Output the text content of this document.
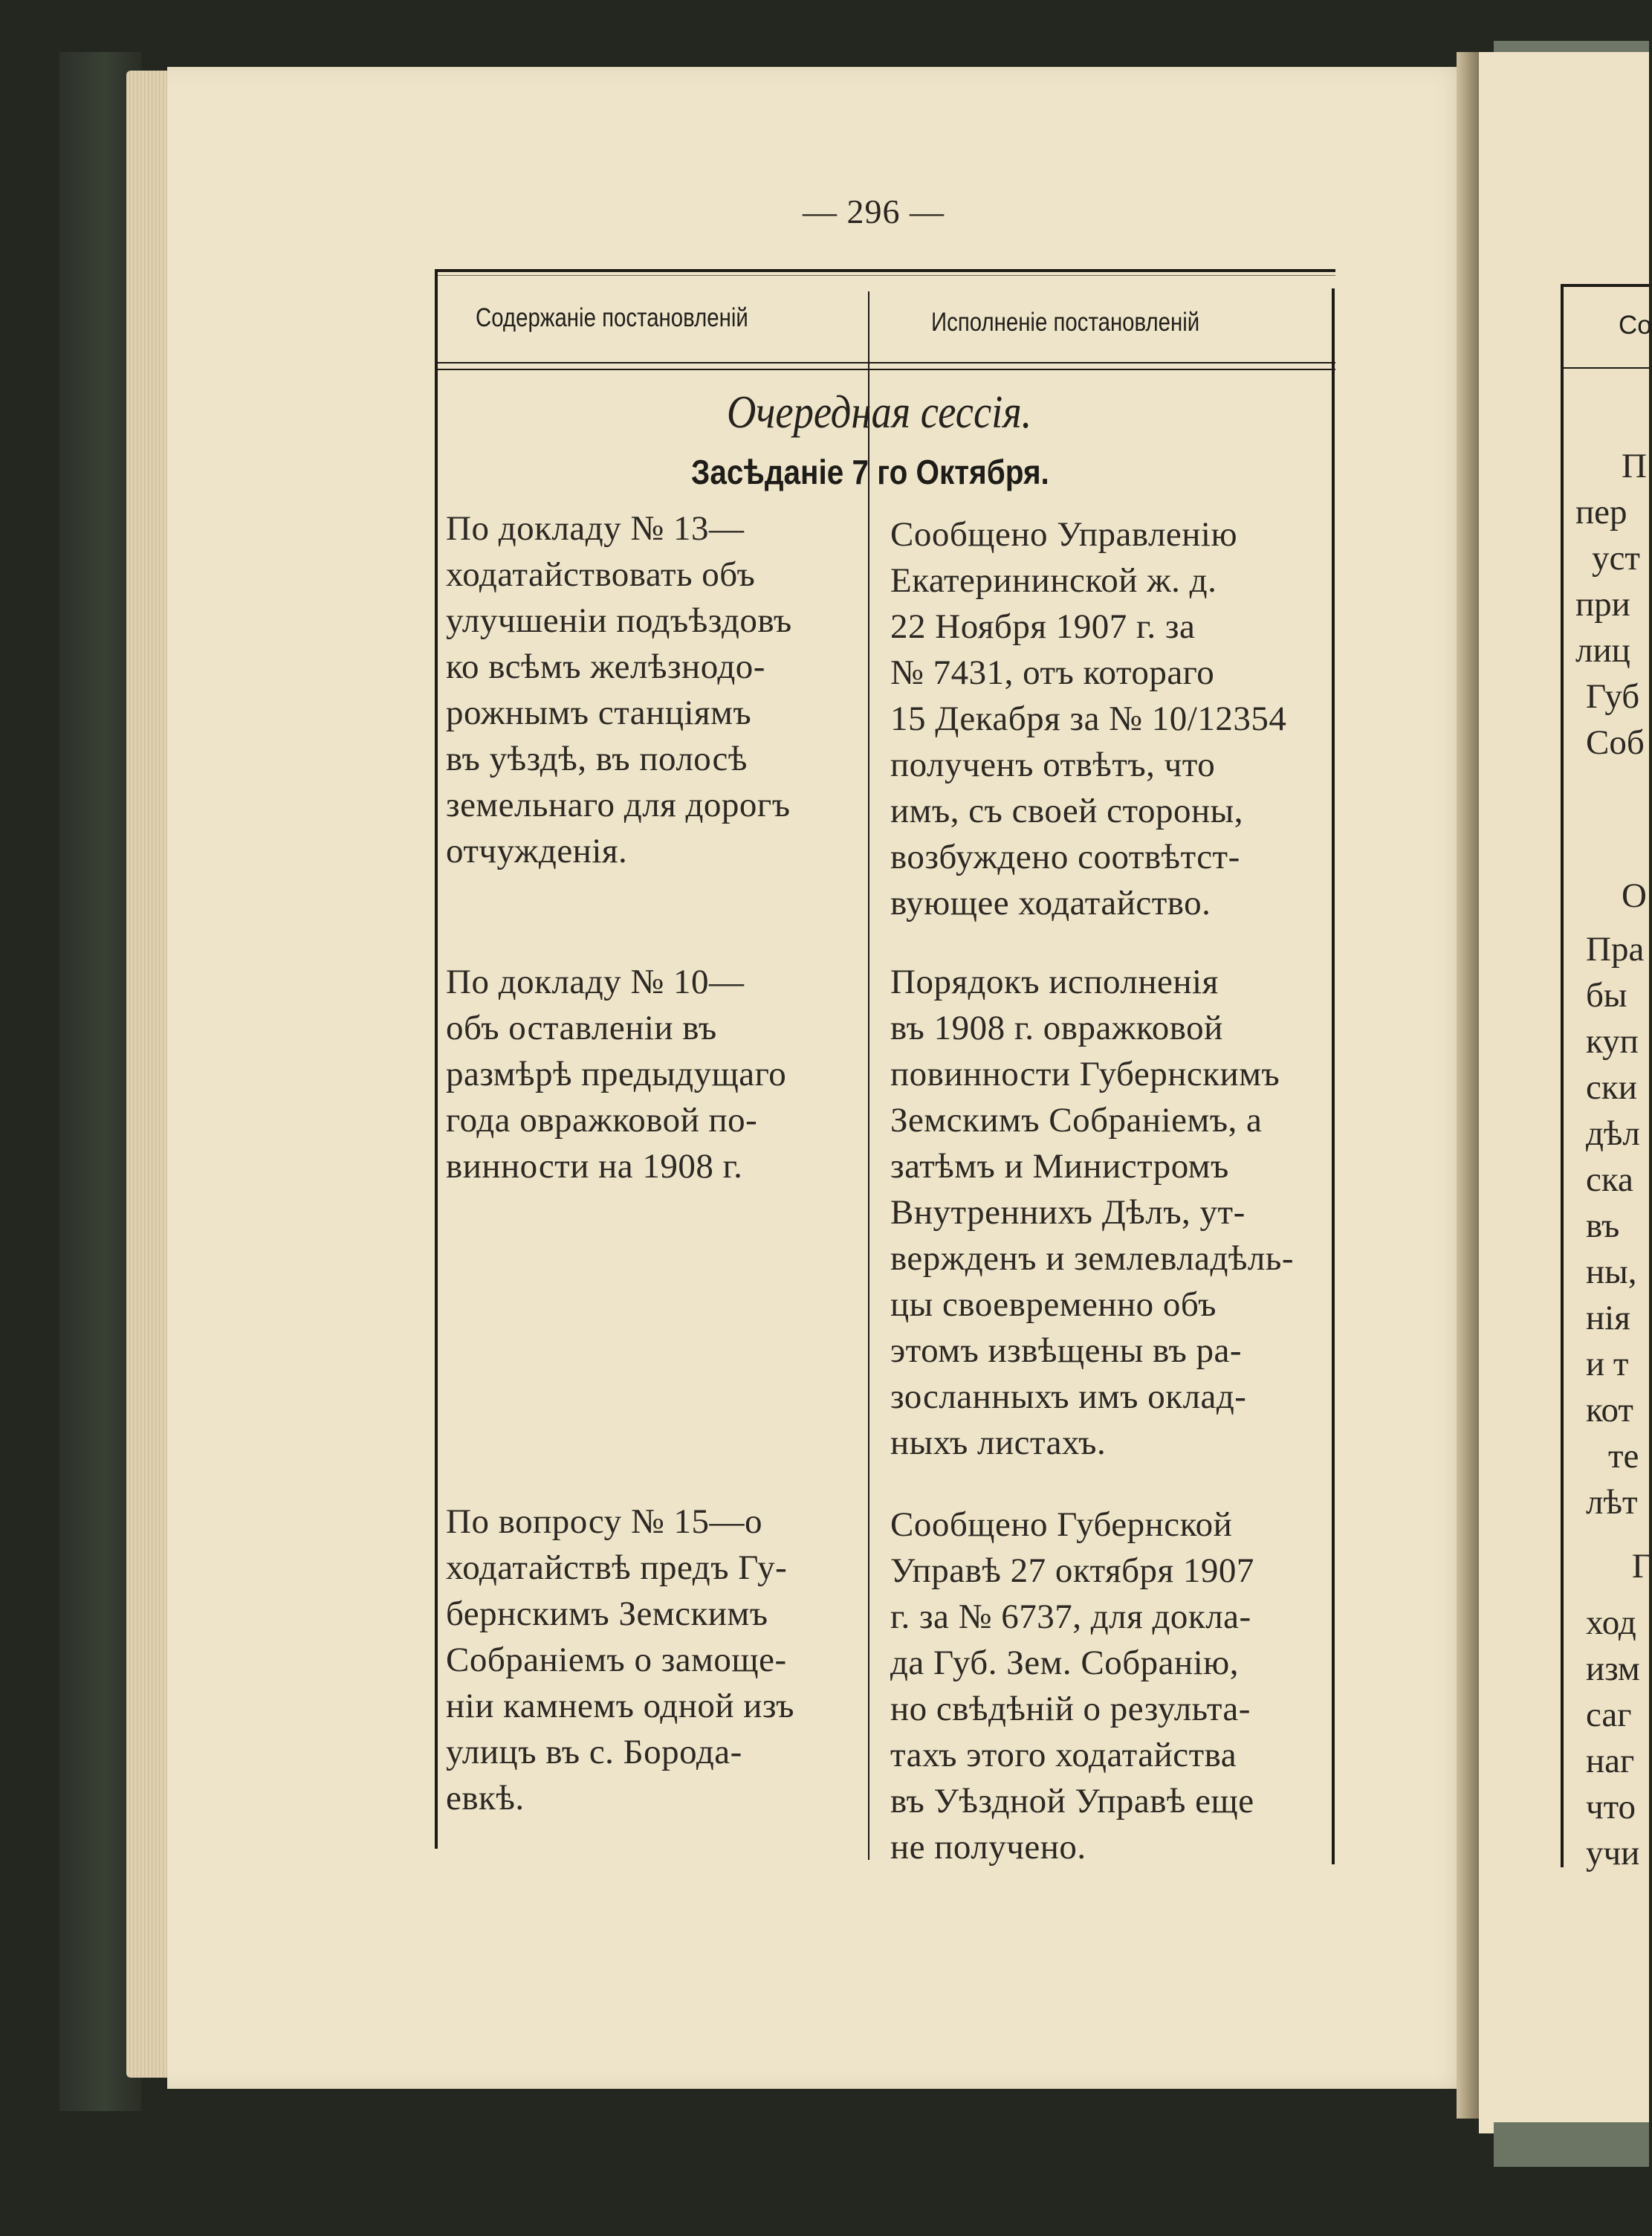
— 296 —
Содержаніе постановленій	Исполненіе постановленій
Очередная сессія.
Засѣданіе 7 го Октября.
По докладу № 13—
ходатайствовать объ
улучшеніи подъѣздовъ
ко всѣмъ желѣзнодо-
рожнымъ станціямъ
въ уѣздѣ, въ полосѣ
земельнаго для дорогъ
отчужденія.
Сообщено Управленію
Екатерининской ж. д.
22 Ноября 1907 г. за
№ 7431, отъ котораго
15 Декабря за № 10/12354
полученъ отвѣтъ, что
имъ, съ своей стороны,
возбуждено соотвѣтст-
вующее ходатайство.
По докладу № 10—
объ оставленіи въ
размѣрѣ предыдущаго
года овражковой по-
винности на 1908 г.
Порядокъ исполненія
въ 1908 г. овражковой
повинности Губернскимъ
Земскимъ Собраніемъ, а
затѣмъ и Министромъ
Внутреннихъ Дѣлъ, ут-
вержденъ и землевладѣль-
цы своевременно объ
этомъ извѣщены въ ра-
зосланныхъ имъ оклад-
ныхъ листахъ.
По вопросу № 15—о
ходатайствѣ предъ Гу-
бернскимъ Земскимъ
Собраніемъ о замоще-
ніи камнемъ одной изъ
улицъ въ с. Борода-
евкѣ.
Сообщено Губернской
Управѣ 27 октября 1907
г. за № 6737, для докла-
да Губ. Зем. Собранію,
но свѣдѣній о результа-
тахъ этого ходатайства
въ Уѣздной Управѣ еще
не получено.
Со
П
пер
уст
при
лиц
Губ
Соб
О
Пра
бы
куп
ски
дѣл
ска
въ
ны,
нія
и т
кот
те
лѣт
Г
ход
изм
саг
наг
что
учи
